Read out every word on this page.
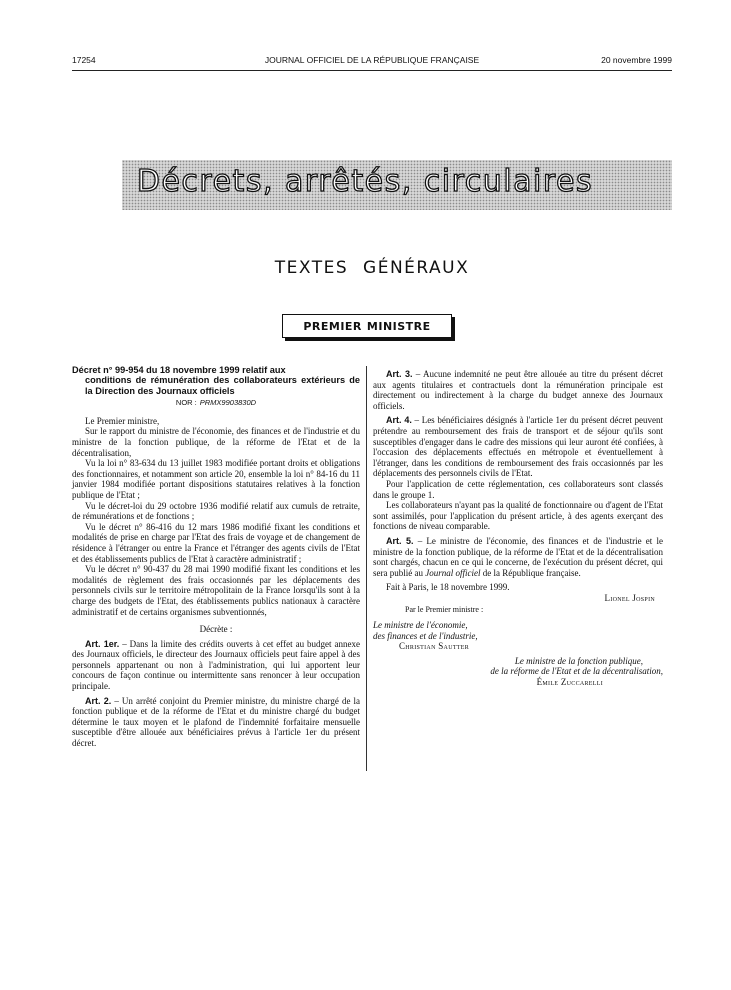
17254	JOURNAL OFFICIEL DE LA RÉPUBLIQUE FRANÇAISE	20 novembre 1999
Décrets, arrêtés, circulaires
TEXTES GÉNÉRAUX
PREMIER MINISTRE

Décret n° 99-954 du 18 novembre 1999 relatif aux
conditions de rémunération des collaborateurs extérieurs de la Direction des Journaux officiels

NOR : PRMX9903830D

Le Premier ministre,

Sur le rapport du ministre de l'économie, des finances et de l'industrie et du ministre de la fonction publique, de la réforme de l'Etat et de la décentralisation,

Vu la loi n° 83-634 du 13 juillet 1983 modifiée portant droits et obligations des fonctionnaires, et notamment son article 20, ensemble la loi n° 84-16 du 11 janvier 1984 modifiée portant dispositions statutaires relatives à la fonction publique de l'Etat ;

Vu le décret-loi du 29 octobre 1936 modifié relatif aux cumuls de retraite, de rémunérations et de fonctions ;

Vu le décret n° 86-416 du 12 mars 1986 modifié fixant les conditions et modalités de prise en charge par l'Etat des frais de voyage et de changement de résidence à l'étranger ou entre la France et l'étranger des agents civils de l'Etat et des établissements publics de l'Etat à caractère administratif ;

Vu le décret n° 90-437 du 28 mai 1990 modifié fixant les conditions et les modalités de règlement des frais occasionnés par les déplacements des personnels civils sur le territoire métropolitain de la France lorsqu'ils sont à la charge des budgets de l'Etat, des établissements publics nationaux à caractère administratif et de certains organismes subventionnés,

Décrète :

Art. 1er. – Dans la limite des crédits ouverts à cet effet au budget annexe des Journaux officiels, le directeur des Journaux officiels peut faire appel à des personnels appartenant ou non à l'administration, qui lui apportent leur concours de façon continue ou intermittente sans renoncer à leur occupation principale.

Art. 2. – Un arrêté conjoint du Premier ministre, du ministre chargé de la fonction publique et de la réforme de l'Etat et du ministre chargé du budget détermine le taux moyen et le plafond de l'indemnité forfaitaire mensuelle susceptible d'être allouée aux bénéficiaires prévus à l'article 1er du présent décret.

Art. 3. – Aucune indemnité ne peut être allouée au titre du présent décret aux agents titulaires et contractuels dont la rémunération principale est directement ou indirectement à la charge du budget annexe des Journaux officiels.

Art. 4. – Les bénéficiaires désignés à l'article 1er du présent décret peuvent prétendre au remboursement des frais de transport et de séjour qu'ils sont susceptibles d'engager dans le cadre des missions qui leur auront été confiées, à l'occasion des déplacements effectués en métropole et éventuellement à l'étranger, dans les conditions de remboursement des frais occasionnés par les déplacements des personnels civils de l'Etat.

Pour l'application de cette réglementation, ces collaborateurs sont classés dans le groupe 1.

Les collaborateurs n'ayant pas la qualité de fonctionnaire ou d'agent de l'Etat sont assimilés, pour l'application du présent article, à des agents exerçant des fonctions de niveau comparable.

Art. 5. – Le ministre de l'économie, des finances et de l'industrie et le ministre de la fonction publique, de la réforme de l'Etat et de la décentralisation sont chargés, chacun en ce qui le concerne, de l'exécution du présent décret, qui sera publié au Journal officiel de la République française.

Fait à Paris, le 18 novembre 1999.

Lionel Jospin

Par le Premier ministre :

Le ministre de l'économie,

des finances et de l'industrie,

Christian Sautter

Le ministre de la fonction publique,

de la réforme de l'Etat et de la décentralisation,

Émile Zuccarelli
